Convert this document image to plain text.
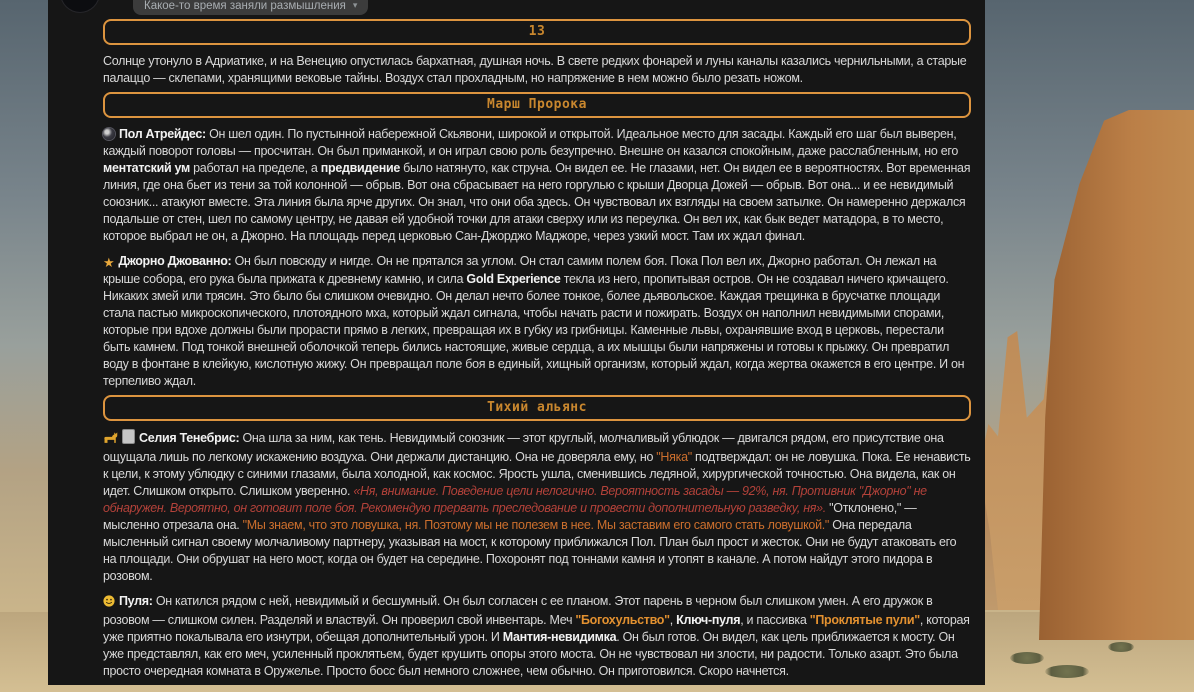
Какое-то время заняли размышления ▾
13

Солнце утонуло в Адриатике, и на Венецию опустилась бархатная, душная ночь. В свете редких фонарей и луны каналы казались чернильными, а старые палаццо — склепами, хранящими вековые тайны. Воздух стал прохладным, но напряжение в нем можно было резать ножом.

Марш Пророка

Пол Атрейдес: Он шел один. По пустынной набережной Скьявони, широкой и открытой. Идеальное место для засады. Каждый его шаг был выверен, каждый поворот головы — просчитан. Он был приманкой, и он играл свою роль безупречно. Внешне он казался спокойным, даже расслабленным, но его ментатский ум работал на пределе, а предвидение было натянуто, как струна. Он видел ее. Не глазами, нет. Он видел ее в вероятностях. Вот временная линия, где она бьет из тени за той колонной — обрыв. Вот она сбрасывает на него горгулью с крыши Дворца Дожей — обрыв. Вот она... и ее невидимый союзник... атакуют вместе. Эта линия была ярче других. Он знал, что они оба здесь. Он чувствовал их взгляды на своем затылке. Он намеренно держался подальше от стен, шел по самому центру, не давая ей удобной точки для атаки сверху или из переулка. Он вел их, как бык ведет матадора, в то место, которое выбрал не он, а Джорно. На площадь перед церковью Сан-Джорджо Маджоре, через узкий мост. Там их ждал финал.

★ Джорно Джованно: Он был повсюду и нигде. Он не прятался за углом. Он стал самим полем боя. Пока Пол вел их, Джорно работал. Он лежал на крыше собора, его рука была прижата к древнему камню, и сила Gold Experience текла из него, пропитывая остров. Он не создавал ничего кричащего. Никаких змей или трясин. Это было бы слишком очевидно. Он делал нечто более тонкое, более дьявольское. Каждая трещинка в брусчатке площади стала пастью микроскопического, плотоядного мха, который ждал сигнала, чтобы начать расти и пожирать. Воздух он наполнил невидимыми спорами, которые при вдохе должны были прорасти прямо в легких, превращая их в губку из грибницы. Каменные львы, охранявшие вход в церковь, перестали быть камнем. Под тонкой внешней оболочкой теперь бились настоящие, живые сердца, а их мышцы были напряжены и готовы к прыжку. Он превратил воду в фонтане в клейкую, кислотную жижу. Он превращал поле боя в единый, хищный организм, который ждал, когда жертва окажется в его центре. И он терпеливо ждал.

Тихий альянс

Селия Тенебрис: Она шла за ним, как тень. Невидимый союзник — этот круглый, молчаливый ублюдок — двигался рядом, его присутствие она ощущала лишь по легкому искажению воздуха. Они держали дистанцию. Она не доверяла ему, но "Няка" подтверждал: он не ловушка. Пока. Ее ненависть к цели, к этому ублюдку с синими глазами, была холодной, как космос. Ярость ушла, сменившись ледяной, хирургической точностью. Она видела, как он идет. Слишком открыто. Слишком уверенно. «Ня, внимание. Поведение цели нелогично. Вероятность засады — 92%, ня. Противник "Джорно" не обнаружен. Вероятно, он готовит поле боя. Рекомендую прервать преследование и провести дополнительную разведку, ня». "Отклонено," — мысленно отрезала она. "Мы знаем, что это ловушка, ня. Поэтому мы не полезем в нее. Мы заставим его самого стать ловушкой." Она передала мысленный сигнал своему молчаливому партнеру, указывая на мост, к которому приближался Пол. План был прост и жесток. Они не будут атаковать его на площади. Они обрушат на него мост, когда он будет на середине. Похоронят под тоннами камня и утопят в канале. А потом найдут этого пидора в розовом.

Пуля: Он катился рядом с ней, невидимый и бесшумный. Он был согласен с ее планом. Этот парень в черном был слишком умен. А его дружок в розовом — слишком силен. Разделяй и властвуй. Он проверил свой инвентарь. Меч "Богохульство", Ключ-пуля, и пассивка "Проклятые пули", которая уже приятно покалывала его изнутри, обещая дополнительный урон. И Мантия-невидимка. Он был готов. Он видел, как цель приближается к мосту. Он уже представлял, как его меч, усиленный проклятьем, будет крушить опоры этого моста. Он не чувствовал ни злости, ни радости. Только азарт. Это была просто очередная комната в Оружелье. Просто босс был немного сложнее, чем обычно. Он приготовился. Скоро начнется.
